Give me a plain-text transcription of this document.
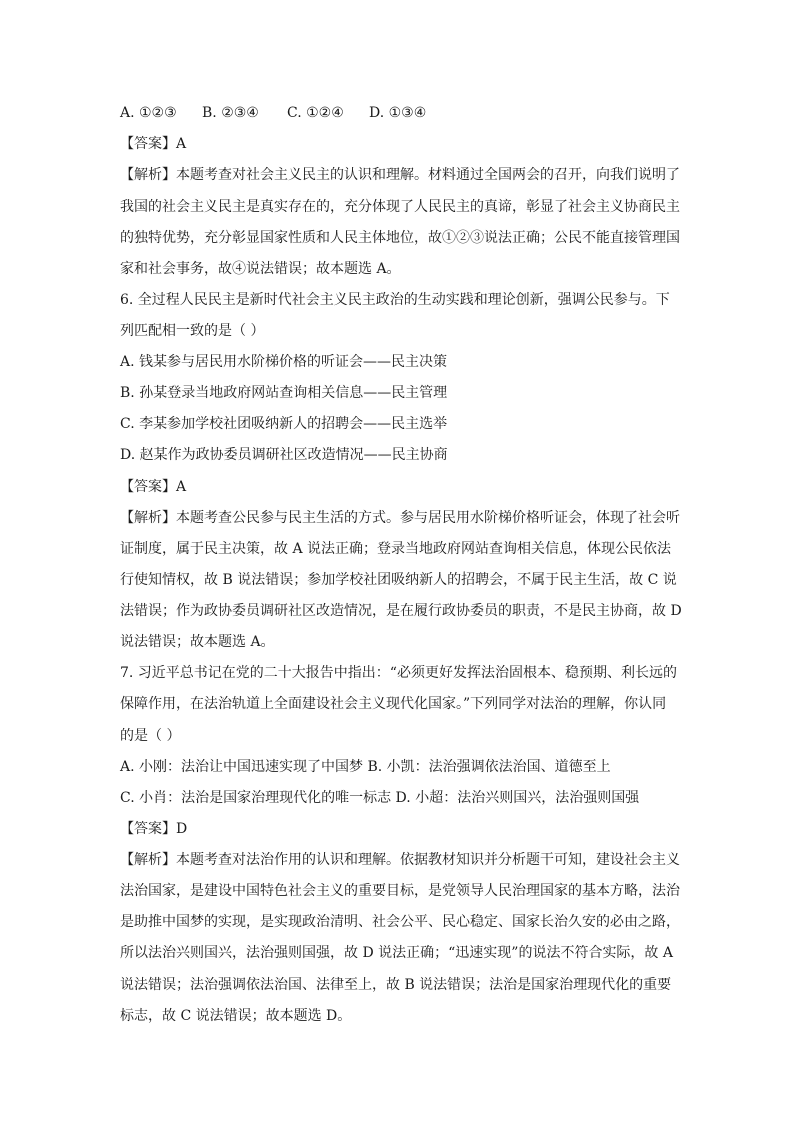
A. ①②③ B. ②③④ C. ①②④ D. ①③④
【答案】A
【解析】本题考查对社会主义民主的认识和理解。材料通过全国两会的召开，向我们说明了
我国的社会主义民主是真实存在的，充分体现了人民民主的真谛，彰显了社会主义协商民主
的独特优势，充分彰显国家性质和人民主体地位，故①②③说法正确；公民不能直接管理国
家和社会事务，故④说法错误；故本题选 A。
6. 全过程人民民主是新时代社会主义民主政治的生动实践和理论创新，强调公民参与。下
列匹配相一致的是（ ）
A. 钱某参与居民用水阶梯价格的听证会——民主决策
B. 孙某登录当地政府网站查询相关信息——民主管理
C. 李某参加学校社团吸纳新人的招聘会——民主选举
D. 赵某作为政协委员调研社区改造情况——民主协商
【答案】A
【解析】本题考查公民参与民主生活的方式。参与居民用水阶梯价格听证会，体现了社会听
证制度，属于民主决策，故 A 说法正确；登录当地政府网站查询相关信息，体现公民依法
行使知情权，故 B 说法错误；参加学校社团吸纳新人的招聘会，不属于民主生活，故 C 说
法错误；作为政协委员调研社区改造情况，是在履行政协委员的职责，不是民主协商，故 D
说法错误；故本题选 A。
7. 习近平总书记在党的二十大报告中指出：“必须更好发挥法治固根本、稳预期、利长远的
保障作用，在法治轨道上全面建设社会主义现代化国家。”下列同学对法治的理解，你认同
的是（ ）
A. 小刚：法治让中国迅速实现了中国梦 B. 小凯：法治强调依法治国、道德至上
C. 小肖：法治是国家治理现代化的唯一标志 D. 小超：法治兴则国兴，法治强则国强
【答案】D
【解析】本题考查对法治作用的认识和理解。依据教材知识并分析题干可知，建设社会主义
法治国家，是建设中国特色社会主义的重要目标，是党领导人民治理国家的基本方略，法治
是助推中国梦的实现，是实现政治清明、社会公平、民心稳定、国家长治久安的必由之路，
所以法治兴则国兴，法治强则国强，故 D 说法正确；“迅速实现”的说法不符合实际，故 A
说法错误；法治强调依法治国、法律至上，故 B 说法错误；法治是国家治理现代化的重要
标志，故 C 说法错误；故本题选 D。
